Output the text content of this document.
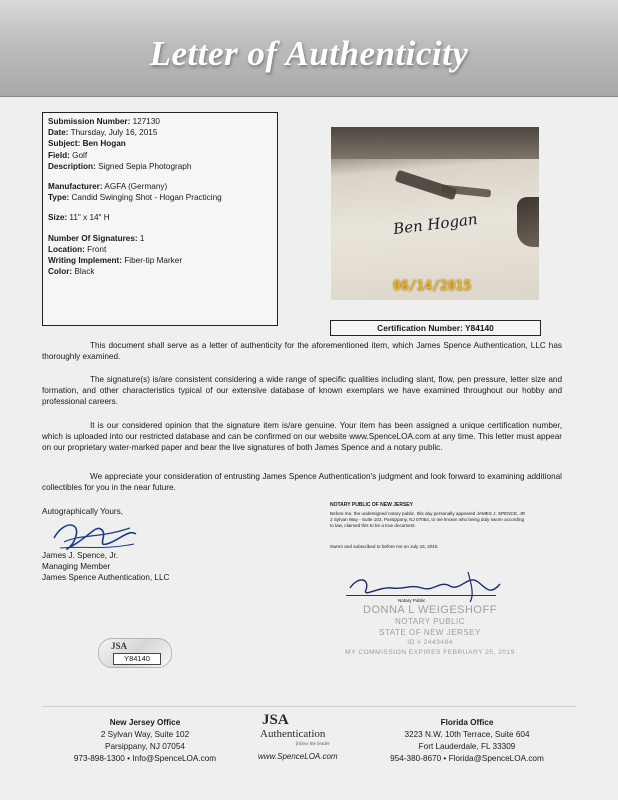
Letter of Authenticity
Submission Number: 127130
Date: Thursday, July 16, 2015
Subject: Ben Hogan
Field: Golf
Description: Signed Sepia Photograph
Manufacturer: AGFA (Germany)
Type: Candid Swinging Shot - Hogan Practicing
Size: 11" x 14" H
Number Of Signatures: 1
Location: Front
Writing Implement: Fiber-tip Marker
Color: Black
Ben Hogan
06/14/2015
Certification Number: Y84140
This document shall serve as a letter of authenticity for the aforementioned item, which James Spence Authentication, LLC has thoroughly examined.
The signature(s) is/are consistent considering a wide range of specific qualities including slant, flow, pen pressure, letter size and formation, and other characteristics typical of our extensive database of known exemplars we have examined throughout our hobby and professional careers.
It is our considered opinion that the signature item is/are genuine. Your item has been assigned a unique certification number, which is uploaded into our restricted database and can be confirmed on our website www.SpenceLOA.com at any time. This letter must appear on our proprietary water-marked paper and bear the live signatures of both James Spence and a notary public.
We appreciate your consideration of entrusting James Spence Authentication's judgment and look forward to examining additional collectibles for you in the near future.
Autographically Yours,
James J. Spence, Jr.
Managing Member
James Spence Authentication, LLC
NOTARY PUBLIC OF NEW JERSEY
Before me, the undersigned notary public, this day personally appeared JAMES J. SPENCE, JR 2 Sylvan Way - Suite 102, Parsippany, NJ 07054, to me known who being duly sworn according to law, claimed this to be a true document.
Sworn and subscribed to before me on July 16, 2015
Notary Public
DONNA L WEIGESHOFF
NOTARY PUBLIC
STATE OF NEW JERSEY
ID # 2443484
MY COMMISSION EXPIRES FEBRUARY 25, 2019
JSA
Y84140
New Jersey Office
2 Sylvan Way, Suite 102
Parsippany, NJ 07054
973-898-1300 • Info@SpenceLOA.com
JSA
Authentication
follow the leader
www.SpenceLOA.com
Florida Office
3223 N.W. 10th Terrace, Suite 604
Fort Lauderdale, FL 33309
954-380-8670 • Florida@SpenceLOA.com
